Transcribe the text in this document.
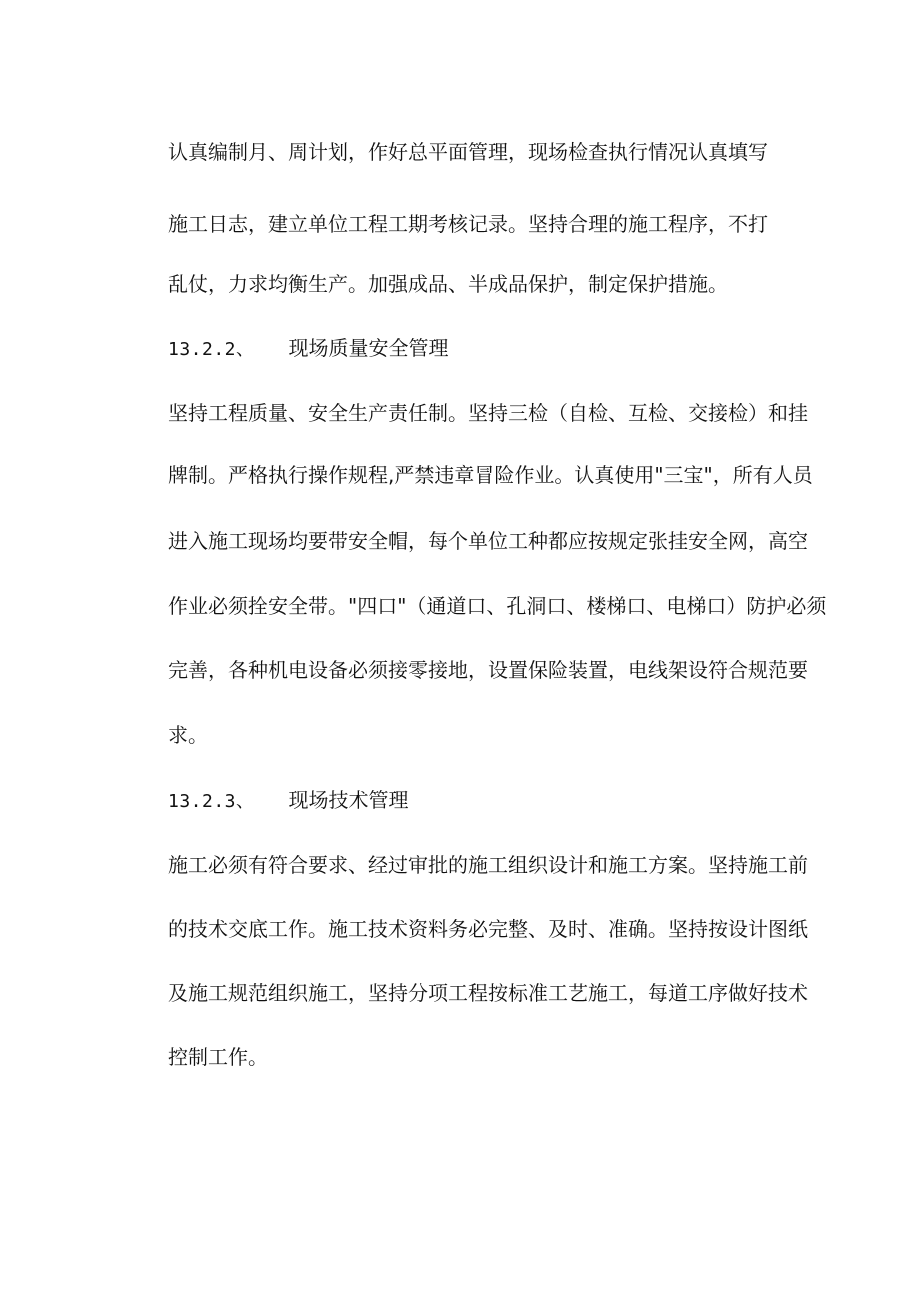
认真编制月、周计划，作好总平面管理，现场检查执行情况认真填写
施工日志，建立单位工程工期考核记录。坚持合理的施工程序，不打
乱仗，力求均衡生产。加强成品、半成品保护，制定保护措施。
13.2.2、 现场质量安全管理
坚持工程质量、安全生产责任制。坚持三检（自检、互检、交接检）和挂
牌制。严格执行操作规程,严禁违章冒险作业。认真使用"三宝"，所有人员
进入施工现场均要带安全帽，每个单位工种都应按规定张挂安全网，高空
作业必须拴安全带。"四口"（通道口、孔洞口、楼梯口、电梯口）防护必须
完善，各种机电设备必须接零接地，设置保险装置，电线架设符合规范要
求。
13.2.3、 现场技术管理
施工必须有符合要求、经过审批的施工组织设计和施工方案。坚持施工前
的技术交底工作。施工技术资料务必完整、及时、准确。坚持按设计图纸
及施工规范组织施工，坚持分项工程按标准工艺施工，每道工序做好技术
控制工作。
